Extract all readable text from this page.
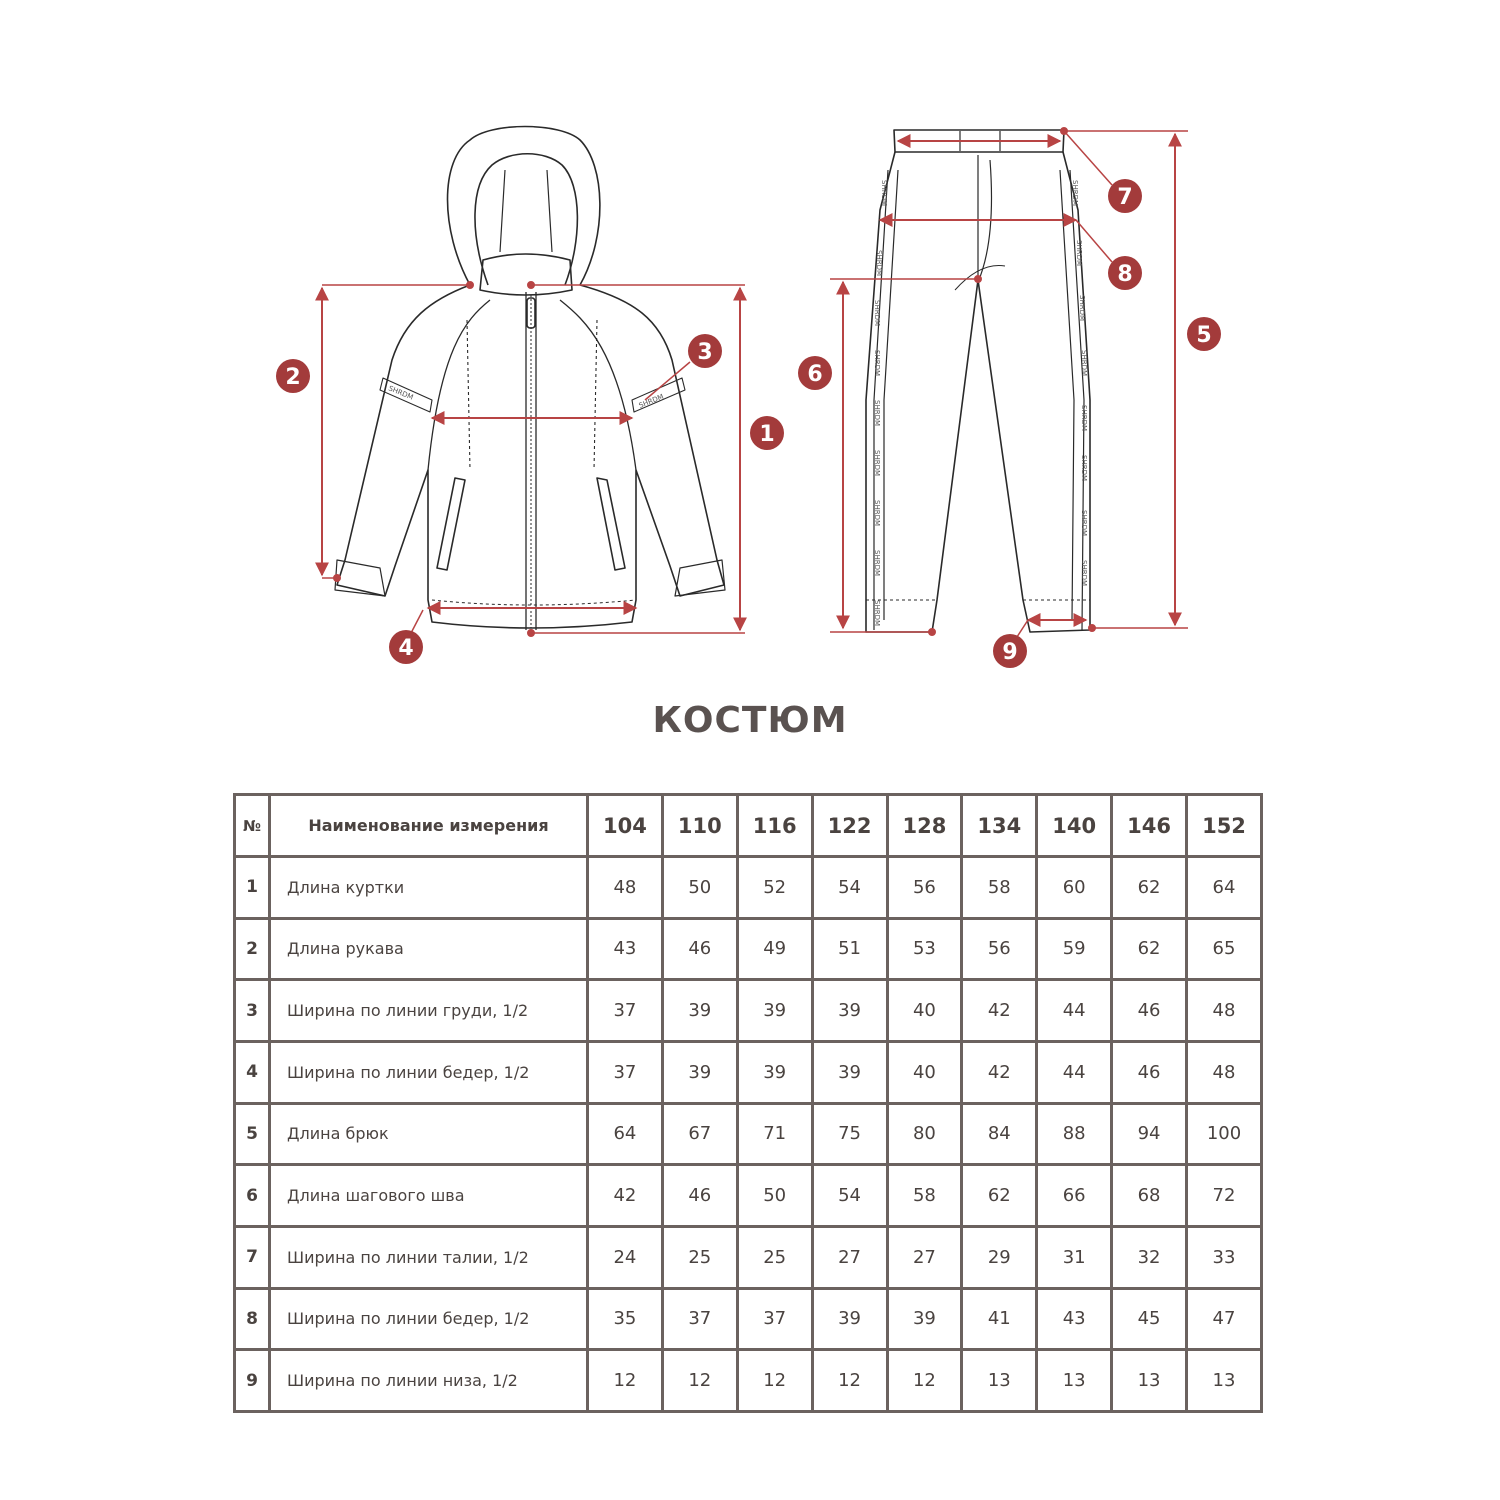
SHRDM	SHRDM
SHRDM
SHRDM
SHRDM
SHRDM
SHRDM
SHRDM
SHRDM
SHRDM
SHRDM
SHRDM
SHRDM
SHRDM
SHRDM
SHRDM
SHRDM
SHRDM
SHRDM
1
2
3
4
5
6
7
8
9
КОСТЮМ
№	Наименование измерения	104	110	116	122	128	134	140	146	152
1	Длина куртки	48	50	52	54	56	58	60	62	64
2	Длина рукава	43	46	49	51	53	56	59	62	65
3	Ширина по линии груди, 1/2	37	39	39	39	40	42	44	46	48
4	Ширина по линии бедер, 1/2	37	39	39	39	40	42	44	46	48
5	Длина брюк	64	67	71	75	80	84	88	94	100
6	Длина шагового шва	42	46	50	54	58	62	66	68	72
7	Ширина по линии талии, 1/2	24	25	25	27	27	29	31	32	33
8	Ширина по линии бедер, 1/2	35	37	37	39	39	41	43	45	47
9	Ширина по линии низа, 1/2	12	12	12	12	12	13	13	13	13
